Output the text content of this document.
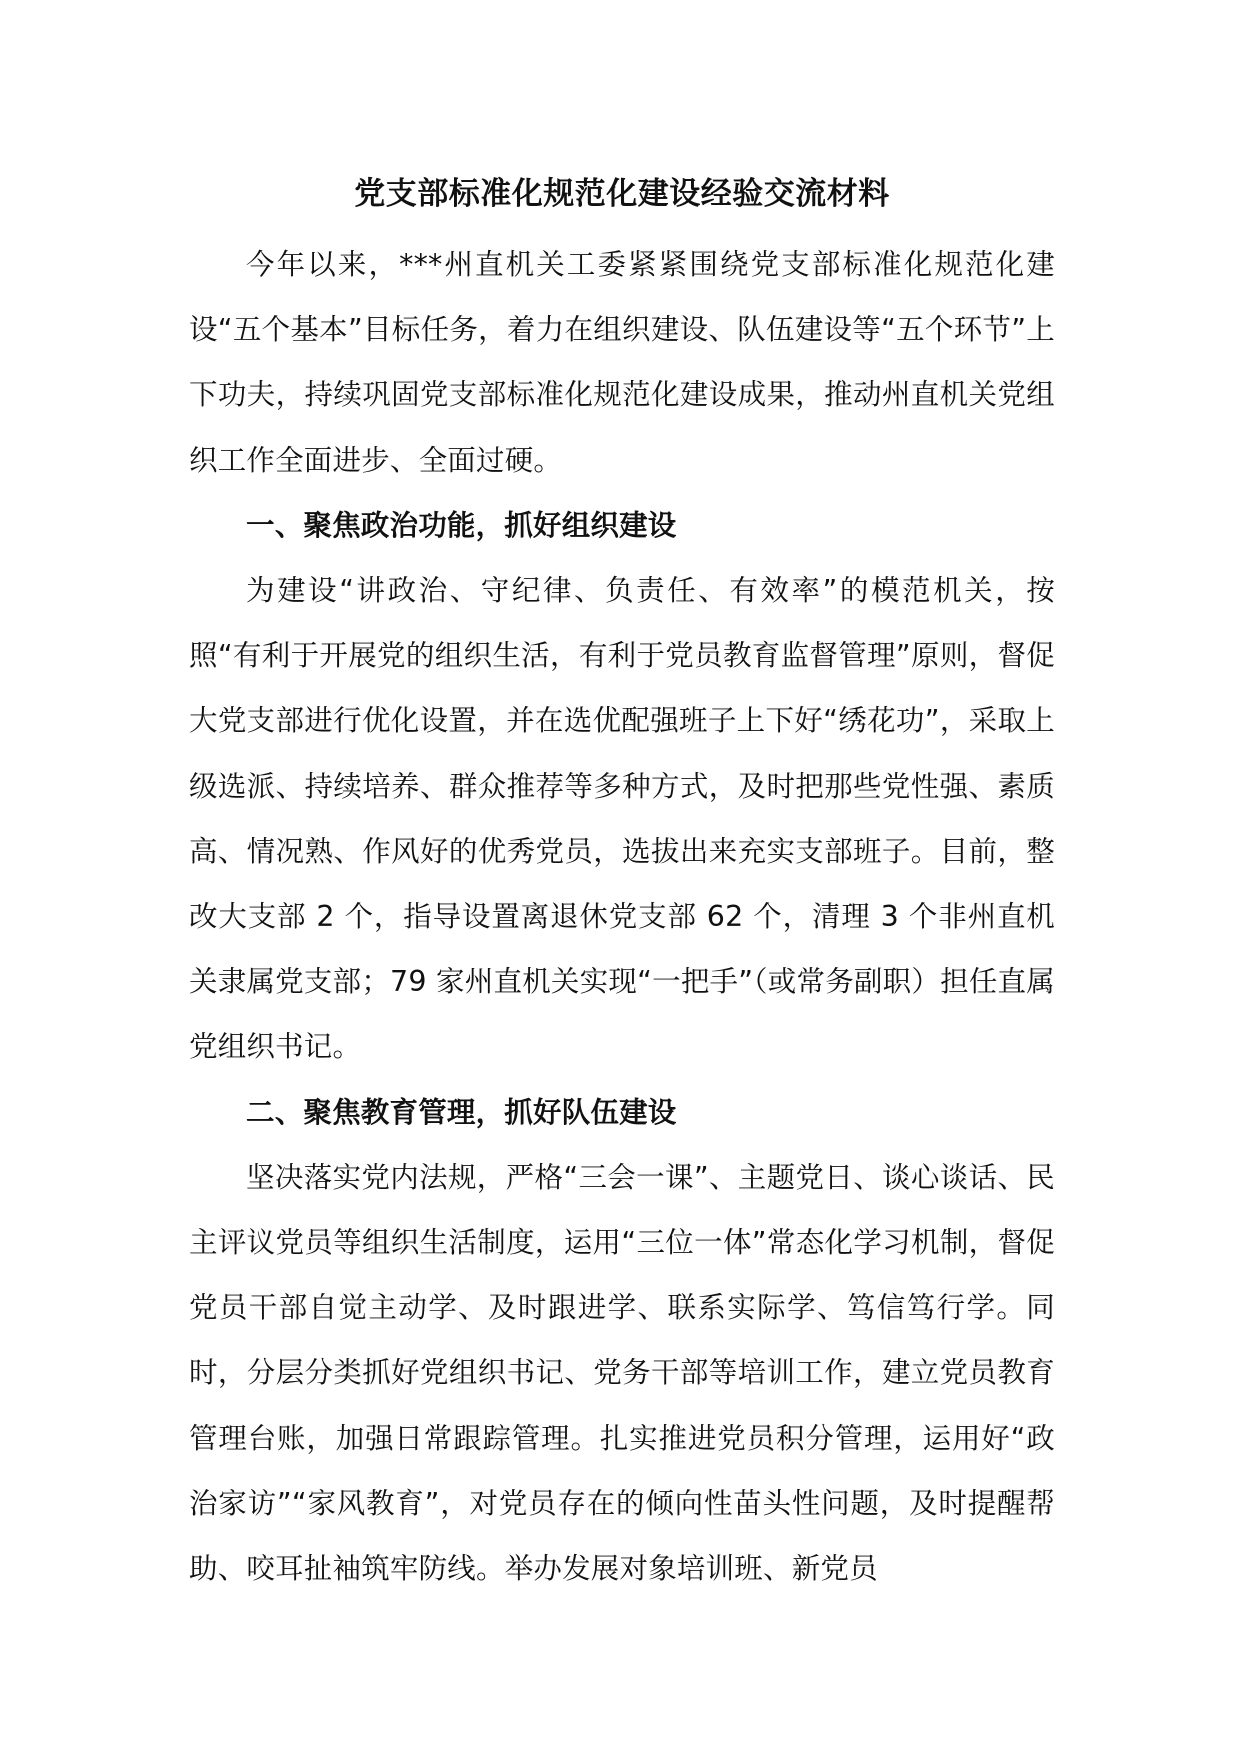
党支部标准化规范化建设经验交流材料

今年以来，***州直机关工委紧紧围绕党支部标准化规范化建设“五个基本”目标任务，着力在组织建设、队伍建设等“五个环节”上下功夫，持续巩固党支部标准化规范化建设成果，推动州直机关党组织工作全面进步、全面过硬。

一、聚焦政治功能，抓好组织建设

为建设“讲政治、守纪律、负责任、有效率”的模范机关，按照“有利于开展党的组织生活，有利于党员教育监督管理”原则，督促大党支部进行优化设置，并在选优配强班子上下好“绣花功”，采取上级选派、持续培养、群众推荐等多种方式，及时把那些党性强、素质高、情况熟、作风好的优秀党员，选拔出来充实支部班子。目前，整改大支部 2 个，指导设置离退休党支部 62 个，清理 3 个非州直机关隶属党支部；79 家州直机关实现“一把手”（或常务副职）担任直属党组织书记。

二、聚焦教育管理，抓好队伍建设

坚决落实党内法规，严格“三会一课”、主题党日、谈心谈话、民主评议党员等组织生活制度，运用“三位一体”常态化学习机制，督促党员干部自觉主动学、及时跟进学、联系实际学、笃信笃行学。同时，分层分类抓好党组织书记、党务干部等培训工作，建立党员教育管理台账，加强日常跟踪管理。扎实推进党员积分管理，运用好“政治家访”“家风教育”，对党员存在的倾向性苗头性问题，及时提醒帮助、咬耳扯袖筑牢防线。举办发展对象培训班、新党员
